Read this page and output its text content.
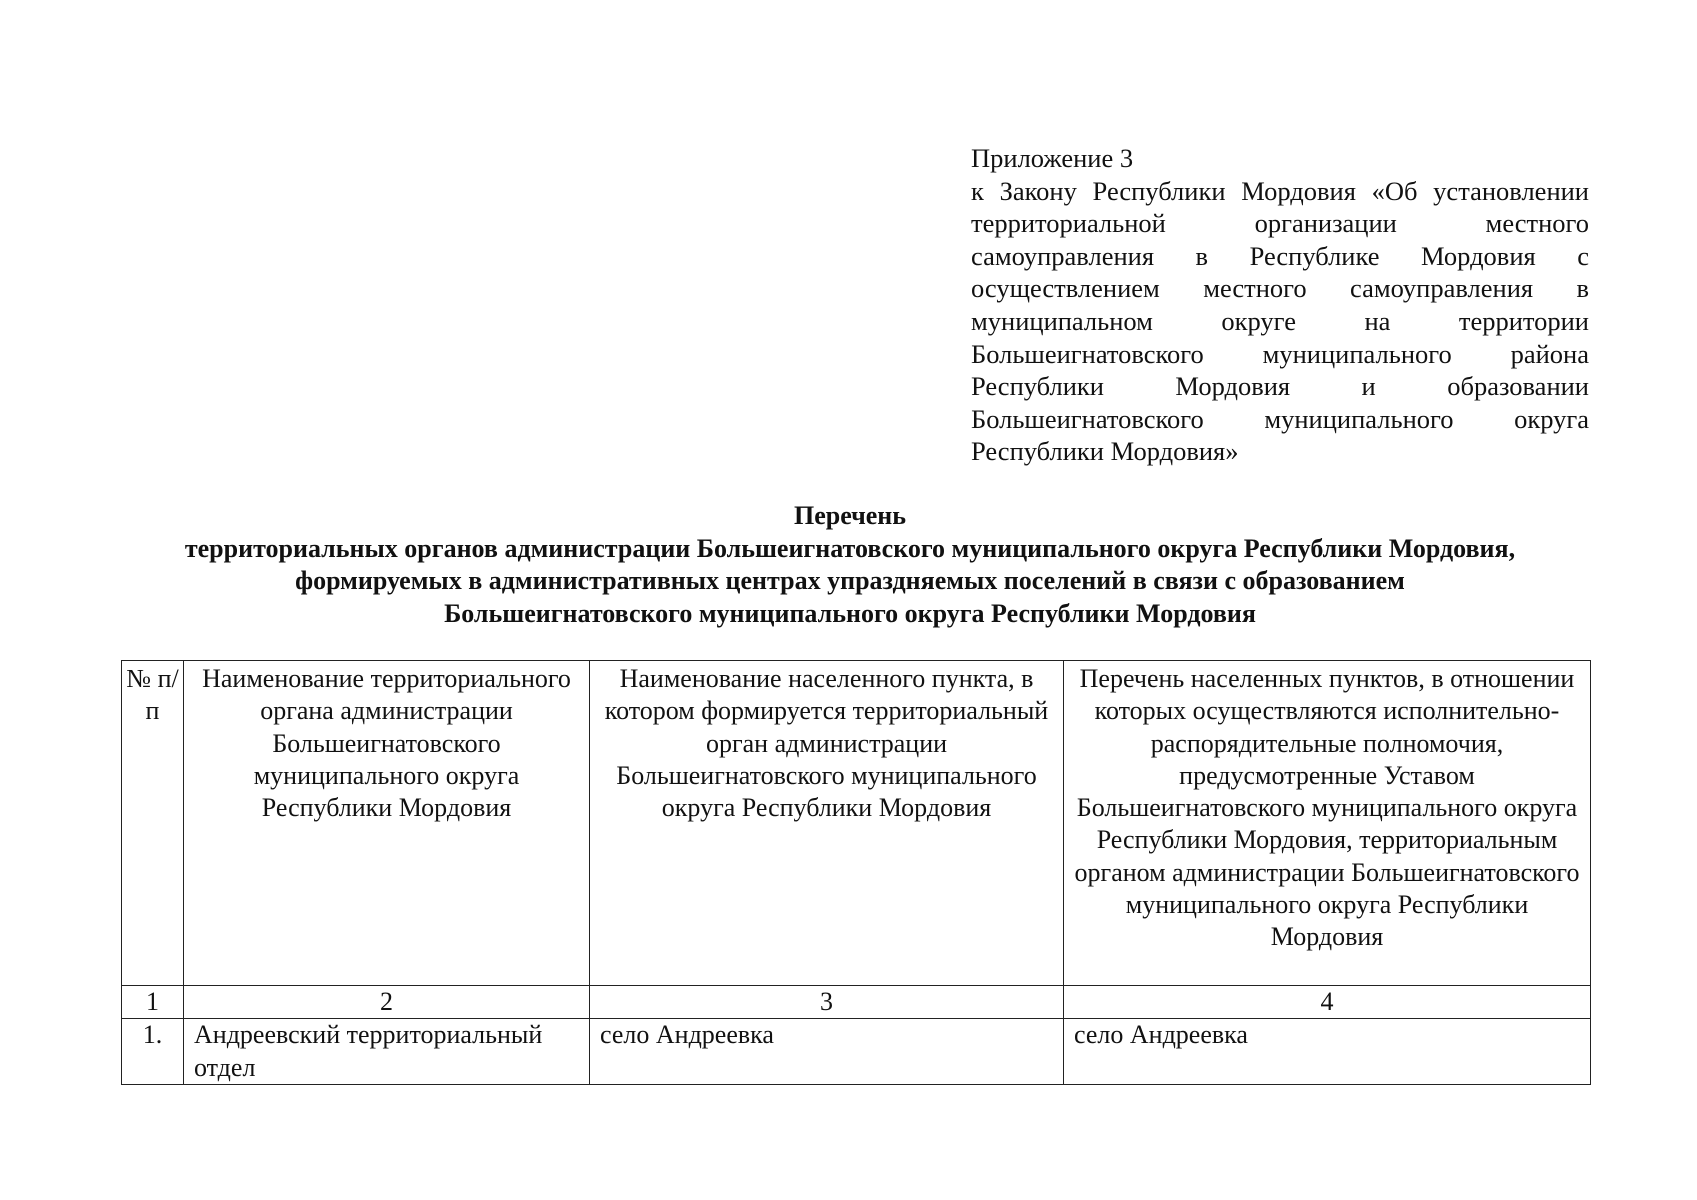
Приложение 3
к Закону Республики Мордовия «Об установлении территориальной организации местного самоуправления в Республике Мордовия с осуществлением местного самоуправления в муниципальном округе на территории Большеигнатовского муниципального района Республики Мордовия и образовании Большеигнатовского муниципального округа Республики Мордовия»
Перечень
территориальных органов администрации Большеигнатовского муниципального округа Республики Мордовия,
формируемых в административных центрах упраздняемых поселений в связи с образованием
Большеигнатовского муниципального округа Республики Мордовия
№ п/п	Наименование территориального органа администрации Большеигнатовского муниципального округа Республики Мордовия	Наименование населенного пункта, в котором формируется территориальный орган администрации Большеигнатовского муниципального округа Республики Мордовия	Перечень населенных пунктов, в отношении которых осуществляются исполнительно-распорядительные полномочия, предусмотренные Уставом Большеигнатовского муниципального округа Республики Мордовия, территориальным органом администрации Большеигнатовского муниципального округа Республики Мордовия
1	2	3	4
1.	Андреевский территориальный отдел	село Андреевка	село Андреевка
